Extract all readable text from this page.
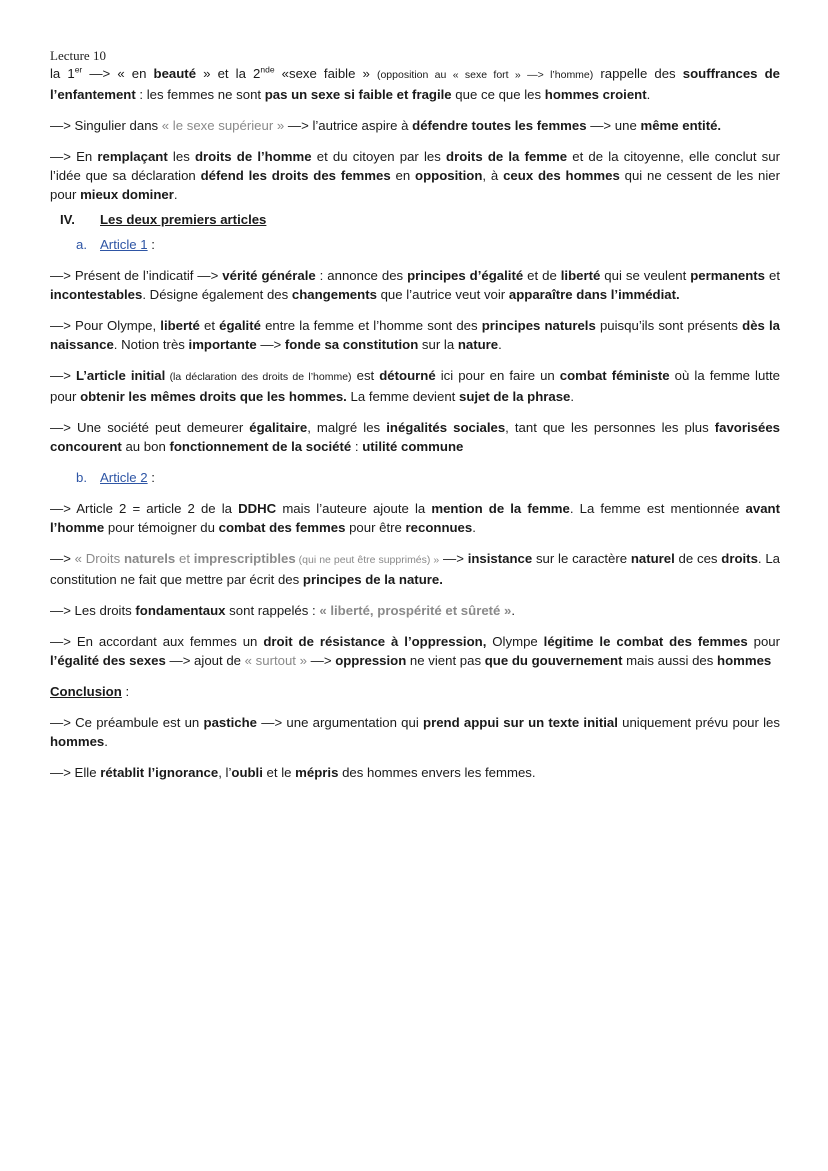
Lecture 10

la 1er —> « en beauté » et la 2nde «sexe faible » (opposition au « sexe fort » —> l’homme) rappelle des souffrances de l’enfantement : les femmes ne sont pas un sexe si faible et fragile que ce que les hommes croient.

—> Singulier dans « le sexe supérieur » —> l’autrice aspire à défendre toutes les femmes —> une même entité.

—> En remplaçant les droits de l’homme et du citoyen par les droits de la femme et de la citoyenne, elle conclut sur l’idée que sa déclaration défend les droits des femmes en opposition, à ceux des hommes qui ne cessent de les nier pour mieux dominer.

IV.	Les deux premiers articles
a. Article 1 :

—> Présent de l’indicatif —> vérité générale : annonce des principes d’égalité et de liberté qui se veulent permanents et incontestables. Désigne également des changements que l’autrice veut voir apparaître dans l’immédiat.

—> Pour Olympe, liberté et égalité entre la femme et l’homme sont des principes naturels puisqu’ils sont présents dès la naissance. Notion très importante —> fonde sa constitution sur la nature.

—> L’article initial (la déclaration des droits de l’homme) est détourné ici pour en faire un combat féministe où la femme lutte pour obtenir les mêmes droits que les hommes. La femme devient sujet de la phrase.

—> Une société peut demeurer égalitaire, malgré les inégalités sociales, tant que les personnes les plus favorisées concourent au bon fonctionnement de la société : utilité commune

b. Article 2 :

—> Article 2 = article 2 de la DDHC mais l’auteure ajoute la mention de la femme. La femme est mentionnée avant l’homme pour témoigner du combat des femmes pour être reconnues.

—> « Droits naturels et imprescriptibles (qui ne peut être supprimés) » —> insistance sur le caractère naturel de ces droits. La constitution ne fait que mettre par écrit des principes de la nature.

—> Les droits fondamentaux sont rappelés : « liberté, prospérité et sûreté ».

—> En accordant aux femmes un droit de résistance à l’oppression, Olympe légitime le combat des femmes pour l’égalité des sexes —> ajout de « surtout » —> oppression ne vient pas que du gouvernement mais aussi des hommes

Conclusion :

—> Ce préambule est un pastiche —> une argumentation qui prend appui sur un texte initial uniquement prévu pour les hommes.

—> Elle rétablit l’ignorance, l’oubli et le mépris des hommes envers les femmes.
